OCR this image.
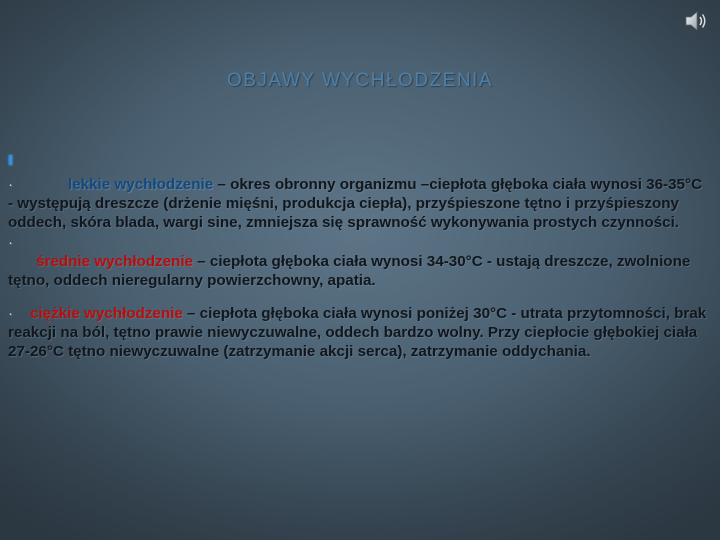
OBJAWY WYCHŁODZENIA

·	lekkie wychłodzenie – okres obronny organizmu –ciepłota głęboka ciała wynosi 36-35°C - występują dreszcze (drżenie mięśni, produkcja ciepła), przyśpieszone tętno i przyśpieszony oddech, skóra blada, wargi sine, zmniejsza się sprawność wykonywania prostych czynności.

·

średnie wychłodzenie – ciepłota głęboka ciała wynosi 34-30°C - ustają dreszcze, zwolnione tętno, oddech nieregularny powierzchowny, apatia.

· ciężkie wychłodzenie – ciepłota głęboka ciała wynosi poniżej 30°C - utrata przytomności, brak reakcji na ból, tętno prawie niewyczuwalne, oddech bardzo wolny. Przy ciepłocie głębokiej ciała 27-26°C tętno niewyczuwalne (zatrzymanie akcji serca), zatrzymanie oddychania.
